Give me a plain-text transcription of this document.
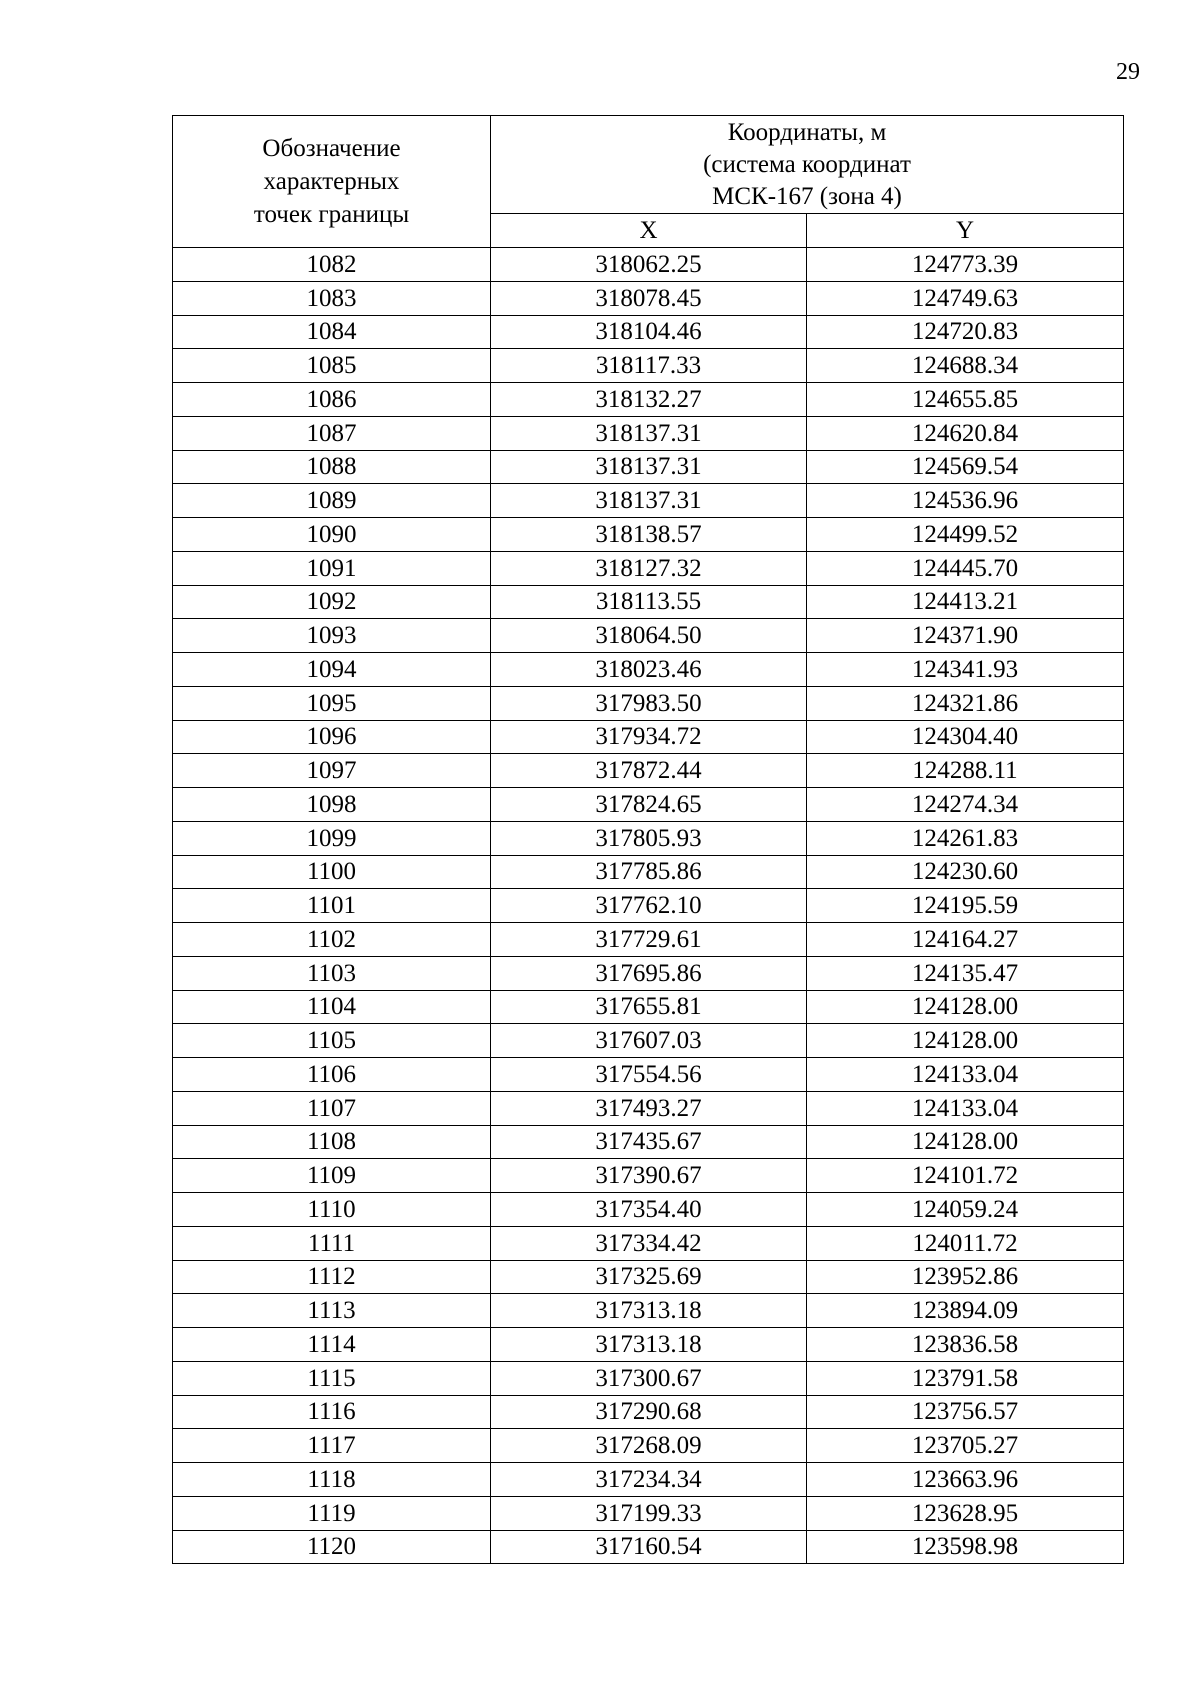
29
Обозначение
характерных
точек границы	Координаты, м
(система координат
МСК-167 (зона 4)	

	X	Y
1082	318062.25	124773.39
1083	318078.45	124749.63
1084	318104.46	124720.83
1085	318117.33	124688.34
1086	318132.27	124655.85
1087	318137.31	124620.84
1088	318137.31	124569.54
1089	318137.31	124536.96
1090	318138.57	124499.52
1091	318127.32	124445.70
1092	318113.55	124413.21
1093	318064.50	124371.90
1094	318023.46	124341.93
1095	317983.50	124321.86
1096	317934.72	124304.40
1097	317872.44	124288.11
1098	317824.65	124274.34
1099	317805.93	124261.83
1100	317785.86	124230.60
1101	317762.10	124195.59
1102	317729.61	124164.27
1103	317695.86	124135.47
1104	317655.81	124128.00
1105	317607.03	124128.00
1106	317554.56	124133.04
1107	317493.27	124133.04
1108	317435.67	124128.00
1109	317390.67	124101.72
1110	317354.40	124059.24
1111	317334.42	124011.72
1112	317325.69	123952.86
1113	317313.18	123894.09
1114	317313.18	123836.58
1115	317300.67	123791.58
1116	317290.68	123756.57
1117	317268.09	123705.27
1118	317234.34	123663.96
1119	317199.33	123628.95
1120	317160.54	123598.98
